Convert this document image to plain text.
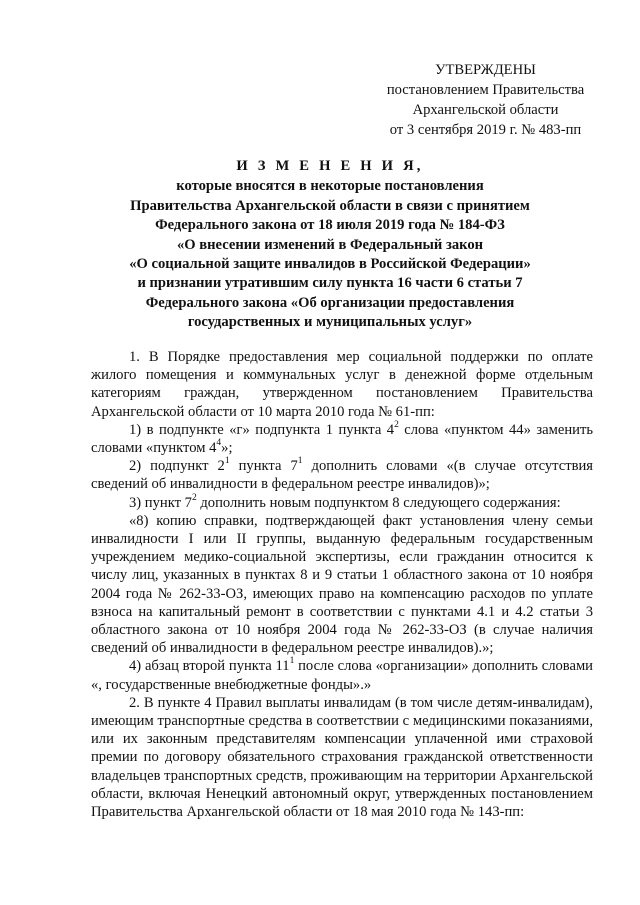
УТВЕРЖДЕНЫ
постановлением Правительства
Архангельской области
от 3 сентября 2019 г. № 483-пп
И З М Е Н Е Н И Я,
которые вносятся в некоторые постановления
Правительства Архангельской области в связи с принятием
Федерального закона от 18 июля 2019 года № 184-ФЗ
«О внесении изменений в Федеральный закон
«О социальной защите инвалидов в Российской Федерации»
и признании утратившим силу пункта 16 части 6 статьи 7
Федерального закона «Об организации предоставления
государственных и муниципальных услуг»

1. В Порядке предоставления мер социальной поддержки по оплате жилого помещения и коммунальных услуг в денежной форме отдельным категориям граждан, утвержденном постановлением Правительства Архангельской области от 10 марта 2010 года № 61-пп:

1) в подпункте «г» подпункта 1 пункта $4^2$ слова «пунктом 44» заменить словами «пунктом $4^4$»;

2) подпункт $2^1$ пункта $7^1$ дополнить словами «(в случае отсутствия сведений об инвалидности в федеральном реестре инвалидов)»;

3) пункт $7^2$ дополнить новым подпунктом 8 следующего содержания:

«8) копию справки, подтверждающей факт установления члену семьи инвалидности I или II группы, выданную федеральным государственным учреждением медико-социальной экспертизы, если гражданин относится к числу лиц, указанных в пунктах 8 и 9 статьи 1 областного закона от 10 ноября 2004 года № 262-33-ОЗ, имеющих право на компенсацию расходов по уплате взноса на капитальный ремонт в соответствии с пунктами 4.1 и 4.2 статьи 3 областного закона от 10 ноября 2004 года № 262-33-ОЗ (в случае наличия сведений об инвалидности в федеральном реестре инвалидов).»;

4) абзац второй пункта $11^1$ после слова «организации» дополнить словами «, государственные внебюджетные фонды».»

2. В пункте 4 Правил выплаты инвалидам (в том числе детям-инвалидам), имеющим транспортные средства в соответствии с медицинскими показаниями, или их законным представителям компенсации уплаченной ими страховой премии по договору обязательного страхования гражданской ответственности владельцев транспортных средств, проживающим на территории Архангельской области, включая Ненецкий автономный округ, утвержденных постановлением Правительства Архангельской области от 18 мая 2010 года № 143-пп:
